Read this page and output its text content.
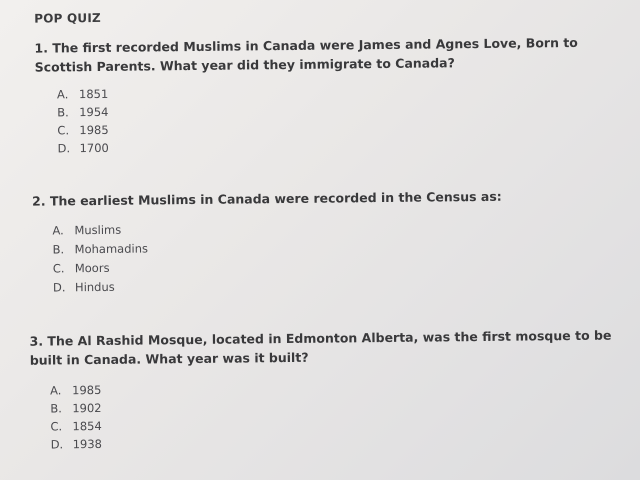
POP QUIZ

1. The first recorded Muslims in Canada were James and Agnes Love, Born to Scottish Parents. What year did they immigrate to Canada?

A. 1851
B. 1954
C. 1985
D. 1700

2. The earliest Muslims in Canada were recorded in the Census as:

A. Muslims
B. Mohamadins
C. Moors
D. Hindus

3. The Al Rashid Mosque, located in Edmonton Alberta, was the first mosque to be built in Canada. What year was it built?

A. 1985
B. 1902
C. 1854
D. 1938
